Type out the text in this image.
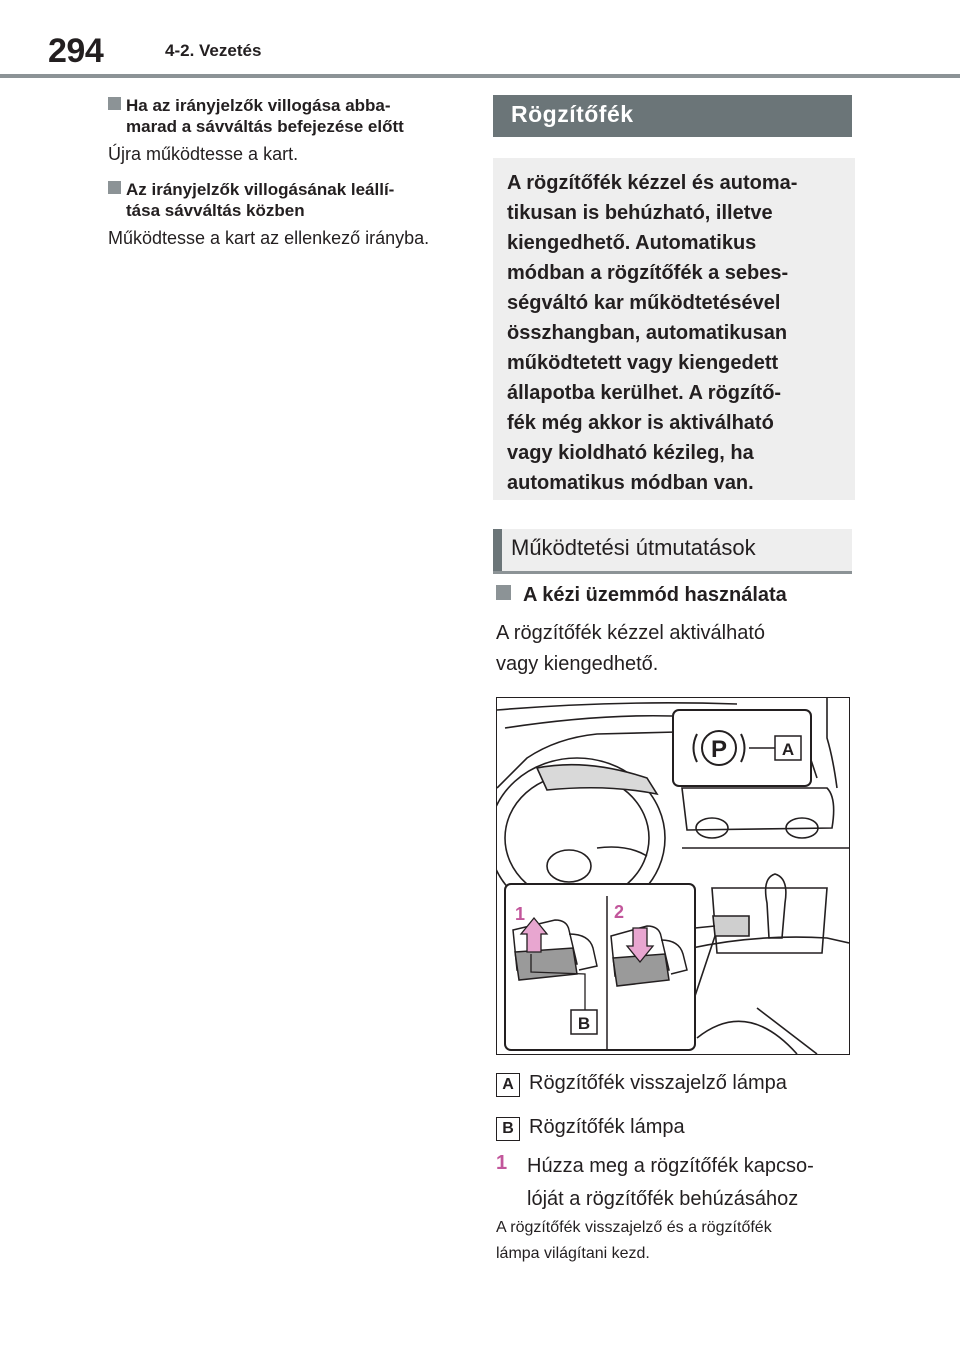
294	4-2. Vezetés
Ha az irányjelzők villogása abba-
marad a sávváltás befejezése előtt
Újra működtesse a kart.
Az irányjelzők villogásának leállí-
tása sávváltás közben
Működtesse a kart az ellenkező irányba.
Rögzítőfék
A rögzítőfék kézzel és automa-
tikusan is behúzható, illetve
kiengedhető. Automatikus
módban a rögzítőfék a sebes-
ségváltó kar működtetésével
összhangban, automatikusan
működtetett vagy kiengedett
állapotba kerülhet. A rögzítő-
fék még akkor is aktiválható
vagy kioldható kézileg, ha
automatikus módban van.
Működtetési útmutatások
A kézi üzemmód használata
A rögzítőfék kézzel aktiválható
vagy kiengedhető.
P	A
1	2
B
A Rögzítőfék visszajelző lámpa
B Rögzítőfék lámpa
1 Húzza meg a rögzítőfék kapcso-
lóját a rögzítőfék behúzásához
A rögzítőfék visszajelző és a rögzítőfék
lámpa világítani kezd.
